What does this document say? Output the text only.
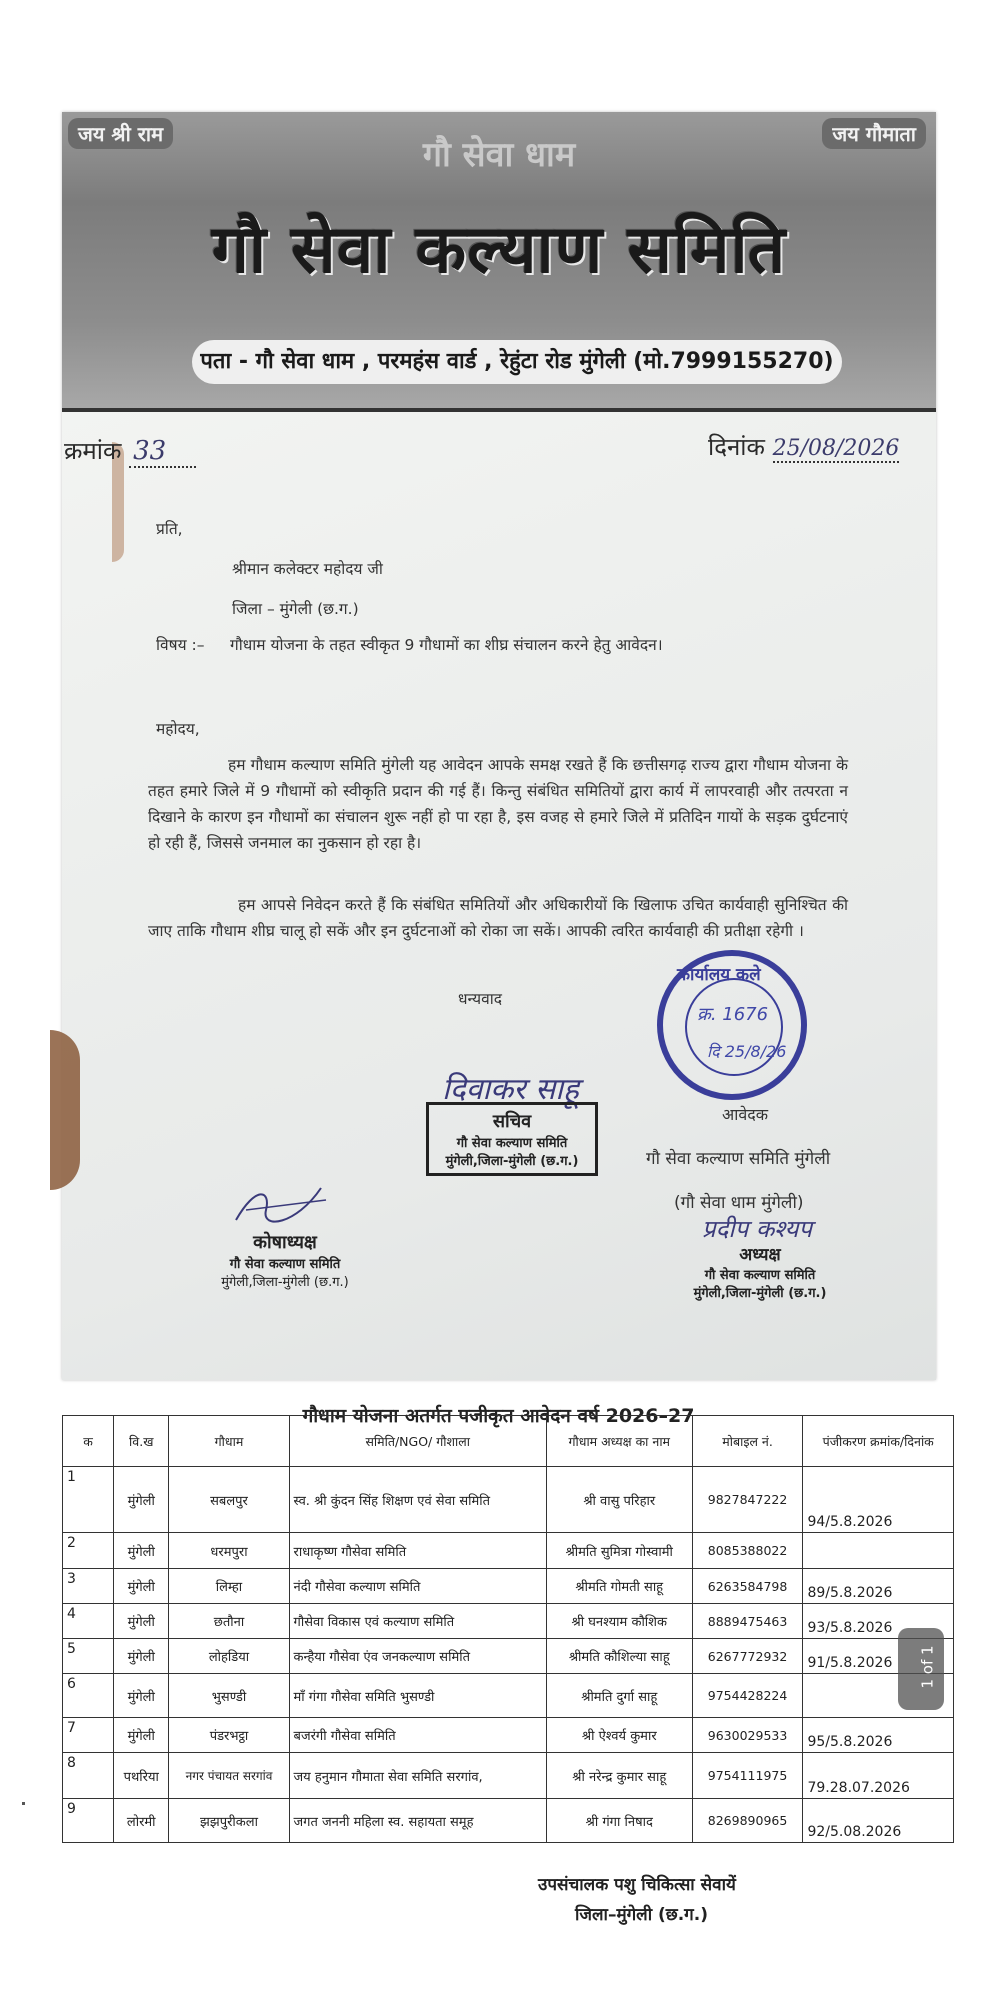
जय श्री राम	जय गौमाता
गौ सेवा धाम
गौ सेवा कल्याण समिति
पता - गौ सेवा धाम , परमहंस वार्ड , रेहुंटा रोड मुंगेली (मो.7999155270)
क्रमांक 33	दिनांक 25/08/2026
प्रति,
श्रीमान कलेक्टर महोदय जी
जिला – मुंगेली (छ.ग.)
विषय :– गौधाम योजना के तहत स्वीकृत 9 गौधामों का शीघ्र संचालन करने हेतु आवेदन।
महोदय,
हम गौधाम कल्याण समिति मुंगेली यह आवेदन आपके समक्ष रखते हैं कि छत्तीसगढ़ राज्य द्वारा गौधाम योजना के तहत हमारे जिले में 9 गौधामों को स्वीकृति प्रदान की गई हैं। किन्तु संबंधित समितियों द्वारा कार्य में लापरवाही और तत्परता न दिखाने के कारण इन गौधामों का संचालन शुरू नहीं हो पा रहा है, इस वजह से हमारे जिले में प्रतिदिन गायों के सड़क दुर्घटनाएं हो रही हैं, जिससे जनमाल का नुकसान हो रहा है।
हम आपसे निवेदन करते हैं कि संबंधित समितियों और अधिकारीयों कि खिलाफ उचित कार्यवाही सुनिश्चित की जाए ताकि गौधाम शीघ्र चालू हो सकें और इन दुर्घटनाओं को रोका जा सकें। आपकी त्वरित कार्यवाही की प्रतीक्षा रहेगी ।
धन्यवाद
कार्यालय कले
क्र. 1676
दि 25/8/26
दिवाकर साहू
सचिव
गौ सेवा कल्याण समिति
मुंगेली,जिला-मुंगेली (छ.ग.)
आवेदक
गौ सेवा कल्याण समिति मुंगेली
(गौ सेवा धाम मुंगेली)
प्रदीप कश्यप
अध्यक्ष
गौ सेवा कल्याण समिति
मुंगेली,जिला-मुंगेली (छ.ग.)
कोषाध्यक्ष
गौ सेवा कल्याण समिति
मुंगेली,जिला-मुंगेली (छ.ग.)
गौधाम योजना अतर्गत पजीकृत आवेदन वर्ष 2026–27
क	वि.ख	गौधाम	समिति/NGO/ गौशाला	गौधाम अध्यक्ष का नाम	मोबाइल नं.	पंजीकरण क्रमांक/दिनांक
1	मुंगेली	सबलपुर	स्व. श्री कुंदन सिंह शिक्षण एवं सेवा समिति	श्री वासु परिहार	9827847222	94/5.8.2026
2	मुंगेली	धरमपुरा	राधाकृष्ण गौसेवा समिति	श्रीमति सुमित्रा गोस्वामी	8085388022	
3	मुंगेली	लिम्हा	नंदी गौसेवा कल्याण समिति	श्रीमति गोमती साहू	6263584798	89/5.8.2026
4	मुंगेली	छतौना	गौसेवा विकास एवं कल्याण समिति	श्री घनश्याम कौशिक	8889475463	93/5.8.2026
5	मुंगेली	लोहडिया	कन्हैया गौसेवा एंव जनकल्याण समिति	श्रीमति कौशिल्या साहू	6267772932	91/5.8.2026
6	मुंगेली	भुसण्डी	माँ गंगा गौसेवा समिति भुसण्डी	श्रीमति दुर्गा साहू	9754428224	
7	मुंगेली	पंडरभट्ठा	बजरंगी गौसेवा समिति	श्री ऐश्वर्य कुमार	9630029533	95/5.8.2026
8	पथरिया	नगर पंचायत सरगांव	जय हनुमान गौमाता सेवा समिति सरगांव,	श्री नरेन्द्र कुमार साहू	9754111975	79.28.07.2026
9	लोरमी	झझपुरीकला	जगत जननी महिला स्व. सहायता समूह	श्री गंगा निषाद	8269890965	92/5.08.2026
1 of 1
उपसंचालक पशु चिकित्सा सेवायें
जिला–मुंगेली (छ.ग.)
